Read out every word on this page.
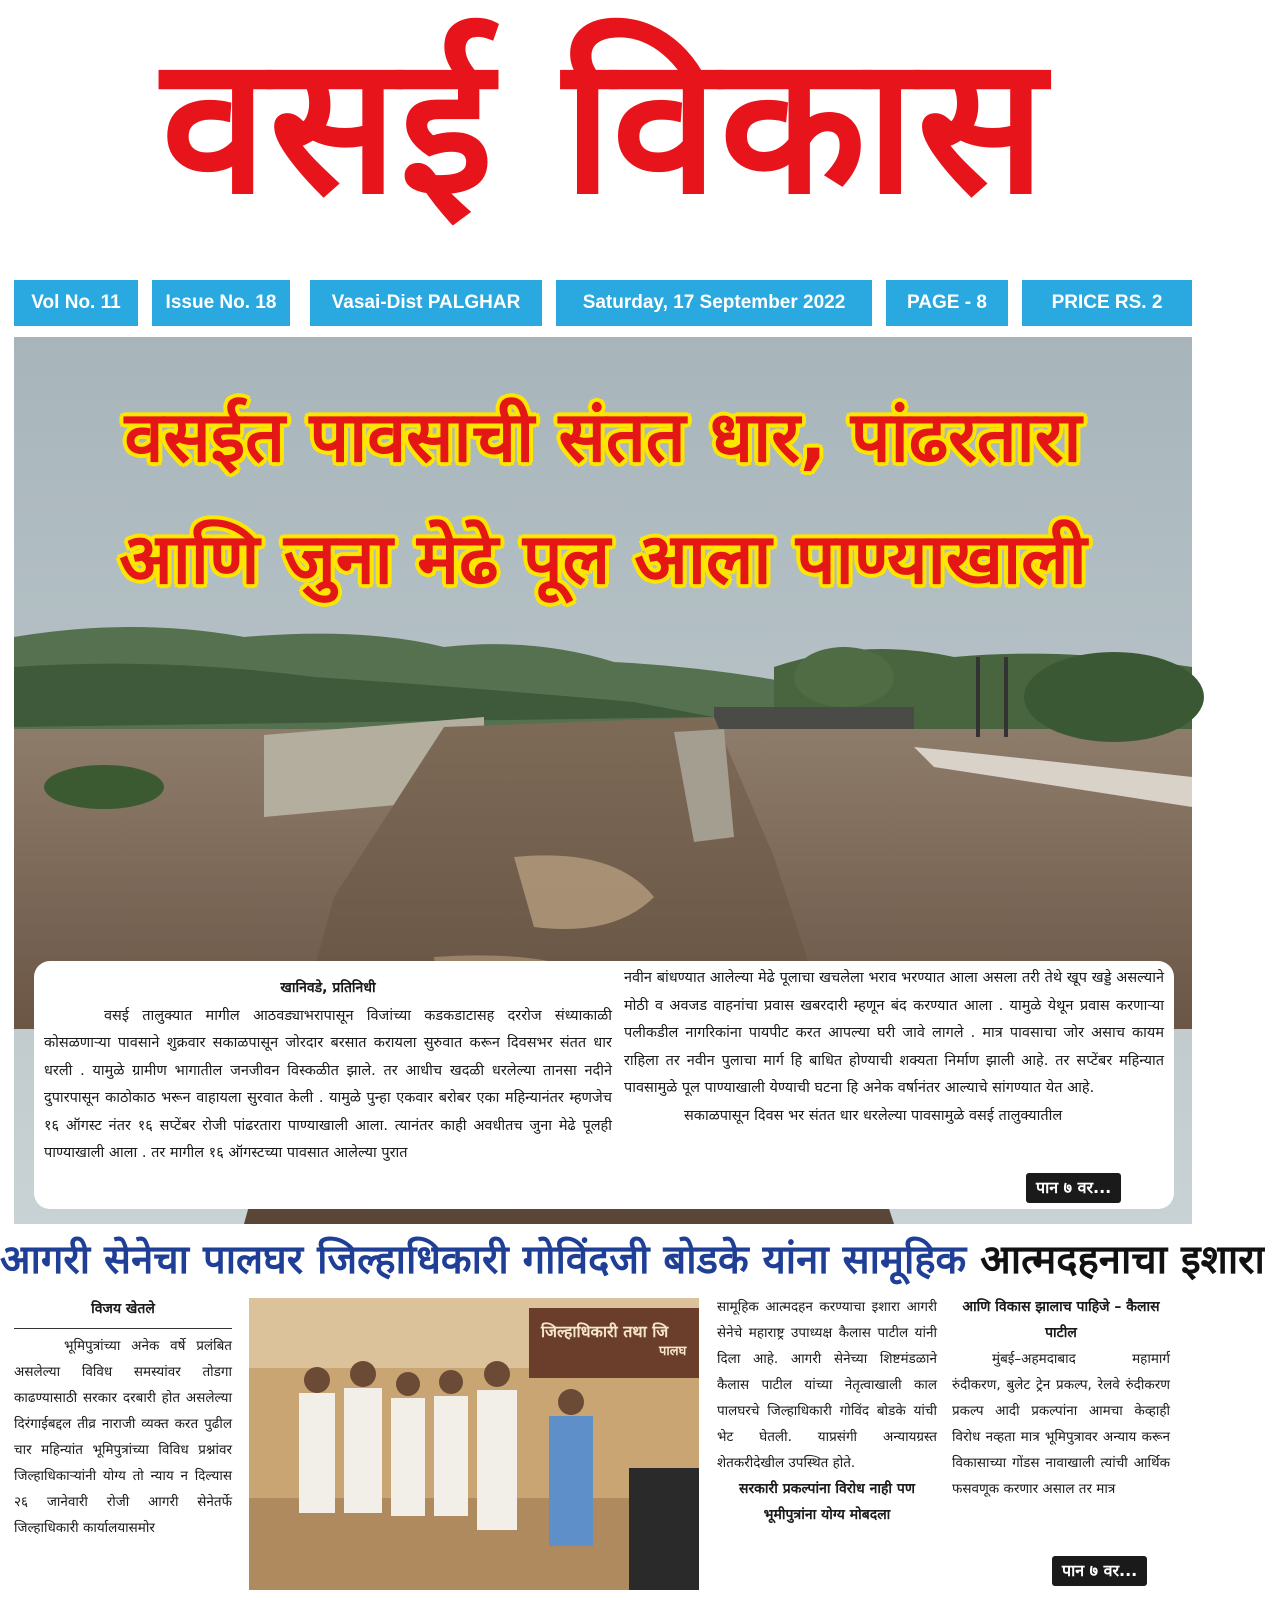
वसई विकास
Vol No. 11	Issue No. 18	Vasai-Dist PALGHAR	Saturday, 17 September 2022	PAGE - 8	PRICE RS. 2
वसईत पावसाची संतत धार, पांढरतारा
आणि जुना मेढे पूल आला पाण्याखाली
खानिवडे, प्रतिनिधी
वसई तालुक्यात मागील आठवड्याभरापासून विजांच्या कडकडाटासह दररोज संध्याकाळी कोसळणाऱ्या पावसाने शुक्रवार सकाळपासून जोरदार बरसात करायला सुरुवात करून दिवसभर संतत धार धरली . यामुळे ग्रामीण भागातील जनजीवन विस्कळीत झाले. तर आधीच खदळी धरलेल्या तानसा नदीने दुपारपासून काठोकाठ भरून वाहायला सुरवात केली . यामुळे पुन्हा एकवार बरोबर एका महिन्यानंतर म्हणजेच १६ ऑगस्ट नंतर १६ सप्टेंबर रोजी पांढरतारा पाण्याखाली आला. त्यानंतर काही अवधीतच जुना मेढे पूलही पाण्याखाली आला . तर मागील १६ ऑगस्टच्या पावसात आलेल्या पुरात
नवीन बांधण्यात आलेल्या मेढे पूलाचा खचलेला भराव भरण्यात आला असला तरी तेथे खूप खड्डे असल्याने मोठी व अवजड वाहनांचा प्रवास खबरदारी म्हणून बंद करण्यात आला . यामुळे येथून प्रवास करणाऱ्या पलीकडील नागरिकांना पायपीट करत आपल्या घरी जावे लागले . मात्र पावसाचा जोर असाच कायम राहिला तर नवीन पुलाचा मार्ग हि बाधित होण्याची शक्यता निर्माण झाली आहे. तर सप्टेंबर महिन्यात पावसामुळे पूल पाण्याखाली येण्याची घटना हि अनेक वर्षानंतर आल्याचे सांगण्यात येत आहे.
सकाळपासून दिवस भर संतत धार धरलेल्या पावसामुळे वसई तालुक्यातील
पान ७ वर...
आगरी सेनेचा पालघर जिल्हाधिकारी गोविंदजी बोडके यांना सामूहिक आत्मदहनाचा इशारा
विजय खेतले
भूमिपुत्रांच्या अनेक वर्षे प्रलंबित असलेल्या विविध समस्यांवर तोडगा काढण्यासाठी सरकार दरबारी होत असलेल्या दिरंगाईबद्दल तीव्र नाराजी व्यक्त करत पुढील चार महिन्यांत भूमिपुत्रांच्या विविध प्रश्नांवर जिल्हाधिकाऱ्यांनी योग्य तो न्याय न दिल्यास २६ जानेवारी रोजी आगरी सेनेतर्फे जिल्हाधिकारी कार्यालयासमोर
जिल्हाधिकारी तथा जि
पालघ
सामूहिक आत्मदहन करण्याचा इशारा आगरी सेनेचे महाराष्ट्र उपाध्यक्ष कैलास पाटील यांनी दिला आहे. आगरी सेनेच्या शिष्टमंडळाने कैलास पाटील यांच्या नेतृत्वाखाली काल पालघरचे जिल्हाधिकारी गोविंद बोडके यांची भेट घेतली. याप्रसंगी अन्यायग्रस्त शेतकरीदेखील उपस्थित होते.
सरकारी प्रकल्पांना विरोध नाही पण भूमीपुत्रांना योग्य मोबदला
आणि विकास झालाच पाहिजे – कैलास पाटील
मुंबई–अहमदाबाद महामार्ग रुंदीकरण, बुलेट ट्रेन प्रकल्प, रेलवे रुंदीकरण प्रकल्प आदी प्रकल्पांना आमचा केव्हाही विरोध नव्हता मात्र भूमिपुत्रावर अन्याय करून विकासाच्या गोंडस नावाखाली त्यांची आर्थिक फसवणूक करणार असाल तर मात्र
पान ७ वर...
